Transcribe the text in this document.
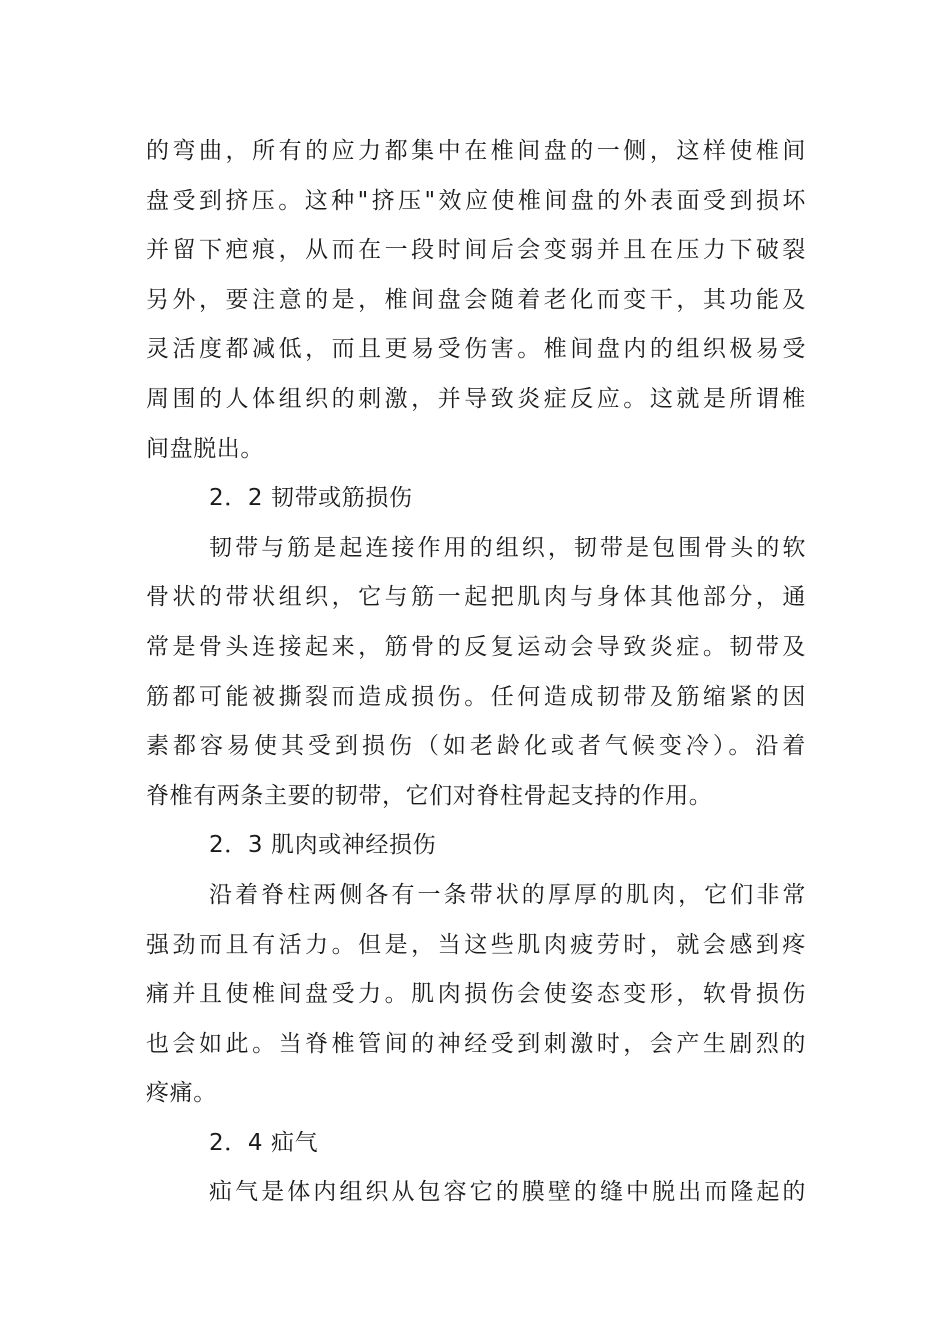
的弯曲，所有的应力都集中在椎间盘的一侧，这样使椎间
盘受到挤压。这种"挤压"效应使椎间盘的外表面受到损坏
并留下疤痕，从而在一段时间后会变弱并且在压力下破裂
另外，要注意的是，椎间盘会随着老化而变干，其功能及
灵活度都减低，而且更易受伤害。椎间盘内的组织极易受
周围的人体组织的刺激，并导致炎症反应。这就是所谓椎
间盘脱出。
2．2 韧带或筋损伤
韧带与筋是起连接作用的组织，韧带是包围骨头的软
骨状的带状组织，它与筋一起把肌肉与身体其他部分，通
常是骨头连接起来，筋骨的反复运动会导致炎症。韧带及
筋都可能被撕裂而造成损伤。任何造成韧带及筋缩紧的因
素都容易使其受到损伤（如老龄化或者气候变冷）。沿着
脊椎有两条主要的韧带，它们对脊柱骨起支持的作用。
2．3 肌肉或神经损伤
沿着脊柱两侧各有一条带状的厚厚的肌肉，它们非常
强劲而且有活力。但是，当这些肌肉疲劳时，就会感到疼
痛并且使椎间盘受力。肌肉损伤会使姿态变形，软骨损伤
也会如此。当脊椎管间的神经受到刺激时，会产生剧烈的
疼痛。
2．4 疝气
疝气是体内组织从包容它的膜壁的缝中脱出而隆起的
